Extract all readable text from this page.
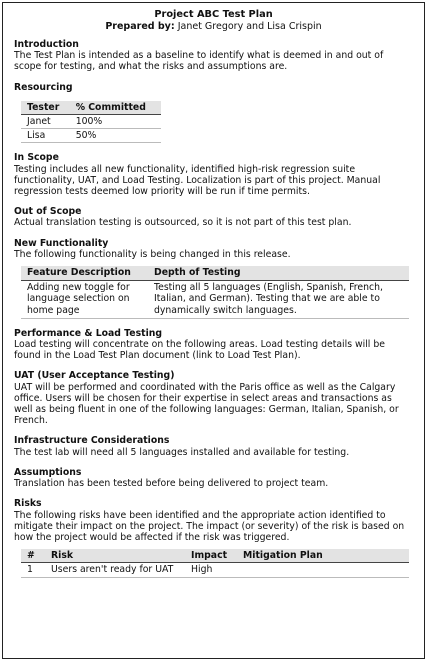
Project ABC Test Plan
Prepared by: Janet Gregory and Lisa Crispin
Introduction

The Test Plan is intended as a baseline to identify what is deemed in and out of scope for testing, and what the risks and assumptions are.

Resourcing
Tester	% Committed
Janet	100%
Lisa	50%
In Scope

Testing includes all new functionality, identified high-risk regression suite functionality, UAT, and Load Testing. Localization is part of this project. Manual regression tests deemed low priority will be run if time permits.

Out of Scope

Actual translation testing is outsourced, so it is not part of this test plan.

New Functionality

The following functionality is being changed in this release.

Feature Description	Depth of Testing
Adding new toggle for language selection on home page	Testing all 5 languages (English, Spanish, French, Italian, and German). Testing that we are able to dynamically switch languages.
Performance & Load Testing

Load testing will concentrate on the following areas. Load testing details will be found in the Load Test Plan document (link to Load Test Plan).

UAT (User Acceptance Testing)

UAT will be performed and coordinated with the Paris office as well as the Calgary office. Users will be chosen for their expertise in select areas and transactions as well as being fluent in one of the following languages: German, Italian, Spanish, or French.

Infrastructure Considerations

The test lab will need all 5 languages installed and available for testing.

Assumptions

Translation has been tested before being delivered to project team.

Risks

The following risks have been identified and the appropriate action identified to mitigate their impact on the project. The impact (or severity) of the risk is based on how the project would be affected if the risk was triggered.

#	Risk	Impact	Mitigation Plan
1	Users aren't ready for UAT	High	
